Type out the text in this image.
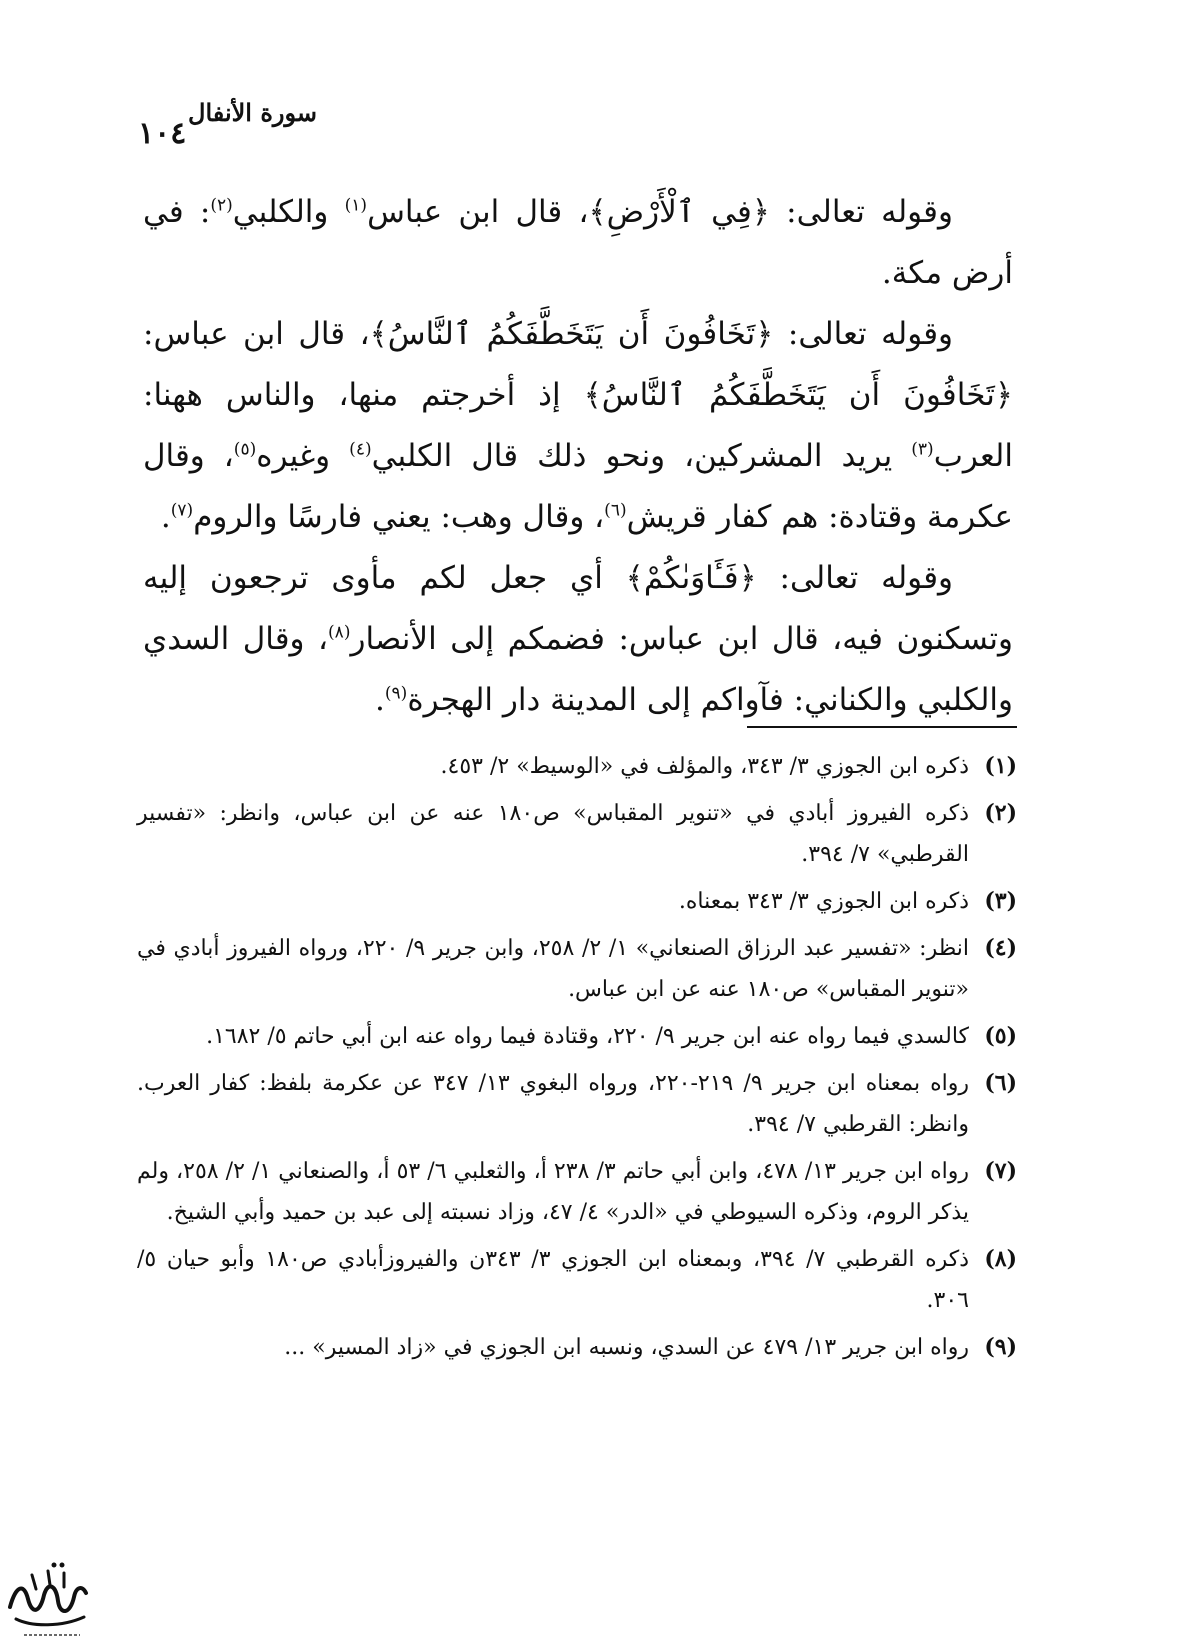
سورة الأنفال
١٠٤

وقوله تعالى: ﴿فِي ٱلْأَرْضِ﴾، قال ابن عباس$^{(١)}$ والكلبي$^{(٢)}$: في أرض مكة.

وقوله تعالى: ﴿تَخَافُونَ أَن يَتَخَطَّفَكُمُ ٱلنَّاسُ﴾، قال ابن عباس: ﴿تَخَافُونَ أَن يَتَخَطَّفَكُمُ ٱلنَّاسُ﴾ إذ أخرجتم منها، والناس ههنا: العرب$^{(٣)}$ يريد المشركين، ونحو ذلك قال الكلبي$^{(٤)}$ وغيره$^{(٥)}$، وقال عكرمة وقتادة: هم كفار قريش$^{(٦)}$، وقال وهب: يعني فارسًا والروم$^{(٧)}$.

وقوله تعالى: ﴿فَـَٔاوَىٰكُمْ﴾ أي جعل لكم مأوى ترجعون إليه وتسكنون فيه، قال ابن عباس: فضمكم إلى الأنصار$^{(٨)}$، وقال السدي والكلبي والكناني: فآواكم إلى المدينة دار الهجرة$^{(٩)}$.

(١)
ذكره ابن الجوزي ٣/ ٣٤٣، والمؤلف في «الوسيط» ٢/ ٤٥٣.
(٢)
ذكره الفيروز أبادي في «تنوير المقباس» ص١٨٠ عنه عن ابن عباس، وانظر: «تفسير القرطبي» ٧/ ٣٩٤.
(٣)
ذكره ابن الجوزي ٣/ ٣٤٣ بمعناه.
(٤)
انظر: «تفسير عبد الرزاق الصنعاني» ١/ ٢/ ٢٥٨، وابن جرير ٩/ ٢٢٠، ورواه الفيروز أبادي في «تنوير المقباس» ص١٨٠ عنه عن ابن عباس.
(٥)
كالسدي فيما رواه عنه ابن جرير ٩/ ٢٢٠، وقتادة فيما رواه عنه ابن أبي حاتم ٥/ ١٦٨٢.
(٦)
رواه بمعناه ابن جرير ٩/ ٢١٩-٢٢٠، ورواه البغوي ١٣/ ٣٤٧ عن عكرمة بلفظ: كفار العرب. وانظر: القرطبي ٧/ ٣٩٤.
(٧)
رواه ابن جرير ١٣/ ٤٧٨، وابن أبي حاتم ٣/ ٢٣٨ أ، والثعلبي ٦/ ٥٣ أ، والصنعاني ١/ ٢/ ٢٥٨، ولم يذكر الروم، وذكره السيوطي في «الدر» ٤/ ٤٧، وزاد نسبته إلى عبد بن حميد وأبي الشيخ.
(٨)
ذكره القرطبي ٧/ ٣٩٤، وبمعناه ابن الجوزي ٣/ ٣٤٣ن والفيروزأبادي ص١٨٠ وأبو حيان ٥/ ٣٠٦.
(٩)
رواه ابن جرير ١٣/ ٤٧٩ عن السدي، ونسبه ابن الجوزي في «زاد المسير» ...
